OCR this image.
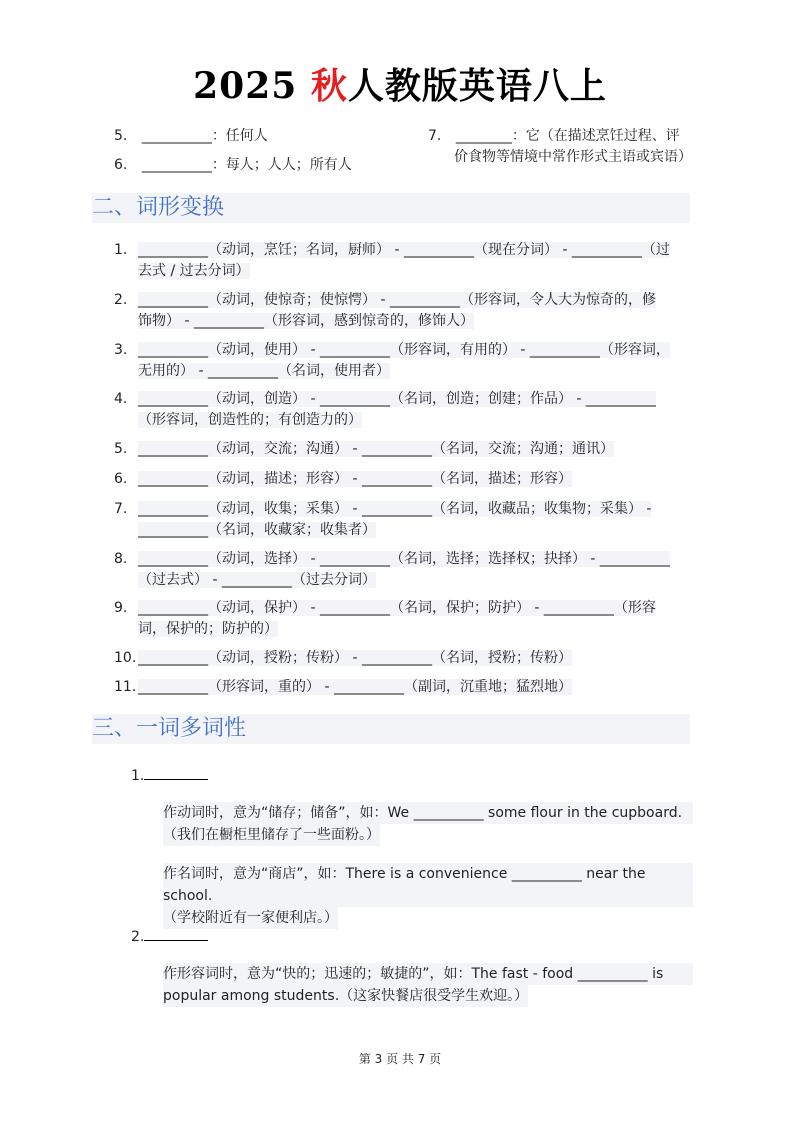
2025 秋人教版英语八上
5. __________：任何人
6. __________：每人；人人；所有人
7. ________：它（在描述烹饪过程、评
价食物等情境中常作形式主语或宾语）
二、词形变换
1. __________（动词，烹饪；名词，厨师） - __________（现在分词） - __________（过
去式 / 过去分词）
2. __________（动词，使惊奇；使惊愕） - __________（形容词，令人大为惊奇的，修
饰物） - __________（形容词，感到惊奇的，修饰人）
3. __________（动词，使用） - __________（形容词，有用的） - __________（形容词，
无用的） - __________（名词，使用者）
4. __________（动词，创造） - __________（名词，创造；创建；作品） - __________
（形容词，创造性的；有创造力的）
5. __________（动词，交流；沟通） - __________（名词，交流；沟通；通讯）
6. __________（动词，描述；形容） - __________（名词，描述；形容）
7. __________（动词，收集；采集） - __________（名词，收藏品；收集物；采集） -
__________（名词，收藏家；收集者）
8. __________（动词，选择） - __________（名词，选择；选择权；抉择） - __________
（过去式） - __________（过去分词）
9. __________（动词，保护） - __________（名词，保护；防护） - __________（形容
词，保护的；防护的）
10. __________（动词，授粉；传粉） - __________（名词，授粉；传粉）
11. __________（形容词，重的） - __________（副词，沉重地；猛烈地）
三、一词多词性
1.
作动词时，意为“储存；储备”，如：We __________ some flour in the cupboard.
（我们在橱柜里储存了一些面粉。）
作名词时，意为“商店”，如：There is a convenience __________ near the school.
（学校附近有一家便利店。）
2.
作形容词时，意为“快的；迅速的；敏捷的”，如：The fast - food __________ is
popular among students.（这家快餐店很受学生欢迎。）
第 3 页 共 7 页
